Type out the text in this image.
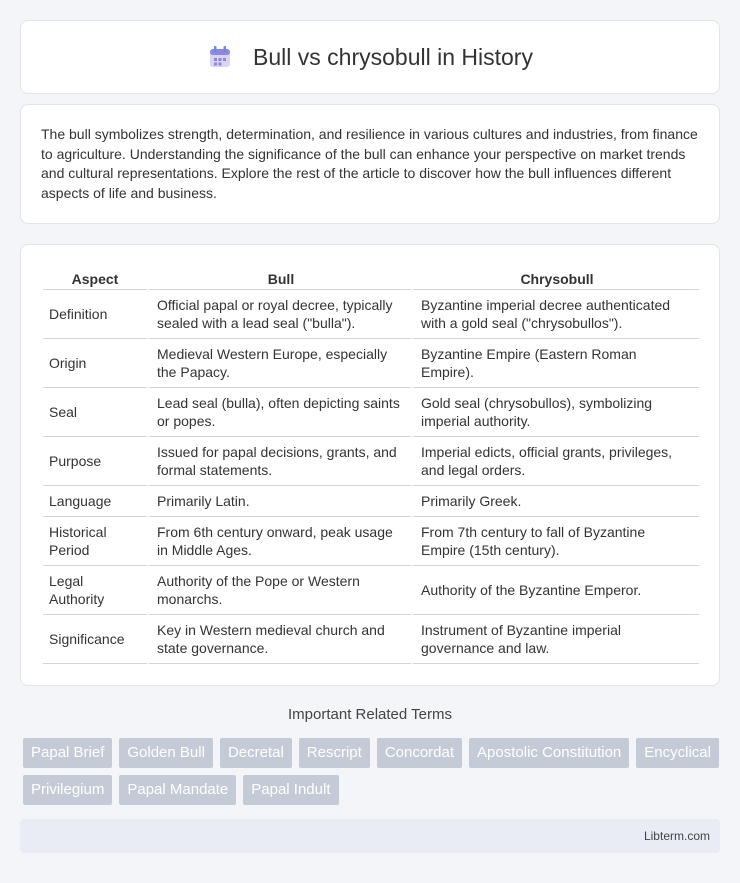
Bull vs chrysobull in History

The bull symbolizes strength, determination, and resilience in various cultures and industries, from finance to agriculture. Understanding the significance of the bull can enhance your perspective on market trends and cultural representations. Explore the rest of the article to discover how the bull influences different aspects of life and business.

Aspect	Bull	Chrysobull
Definition	Official papal or royal decree, typically sealed with a lead seal ("bulla").	Byzantine imperial decree authenticated with a gold seal ("chrysobullos").
Origin	Medieval Western Europe, especially the Papacy.	Byzantine Empire (Eastern Roman Empire).
Seal	Lead seal (bulla), often depicting saints or popes.	Gold seal (chrysobullos), symbolizing imperial authority.
Purpose	Issued for papal decisions, grants, and formal statements.	Imperial edicts, official grants, privileges, and legal orders.
Language	Primarily Latin.	Primarily Greek.
Historical Period	From 6th century onward, peak usage in Middle Ages.	From 7th century to fall of Byzantine Empire (15th century).
Legal Authority	Authority of the Pope or Western monarchs.	Authority of the Byzantine Emperor.
Significance	Key in Western medieval church and state governance.	Instrument of Byzantine imperial governance and law.
Important Related Terms
Papal Brief	Golden Bull	Decretal	Rescript	Concordat	Apostolic Constitution	Encyclical
Privilegium	Papal Mandate	Papal Indult
Libterm.com
